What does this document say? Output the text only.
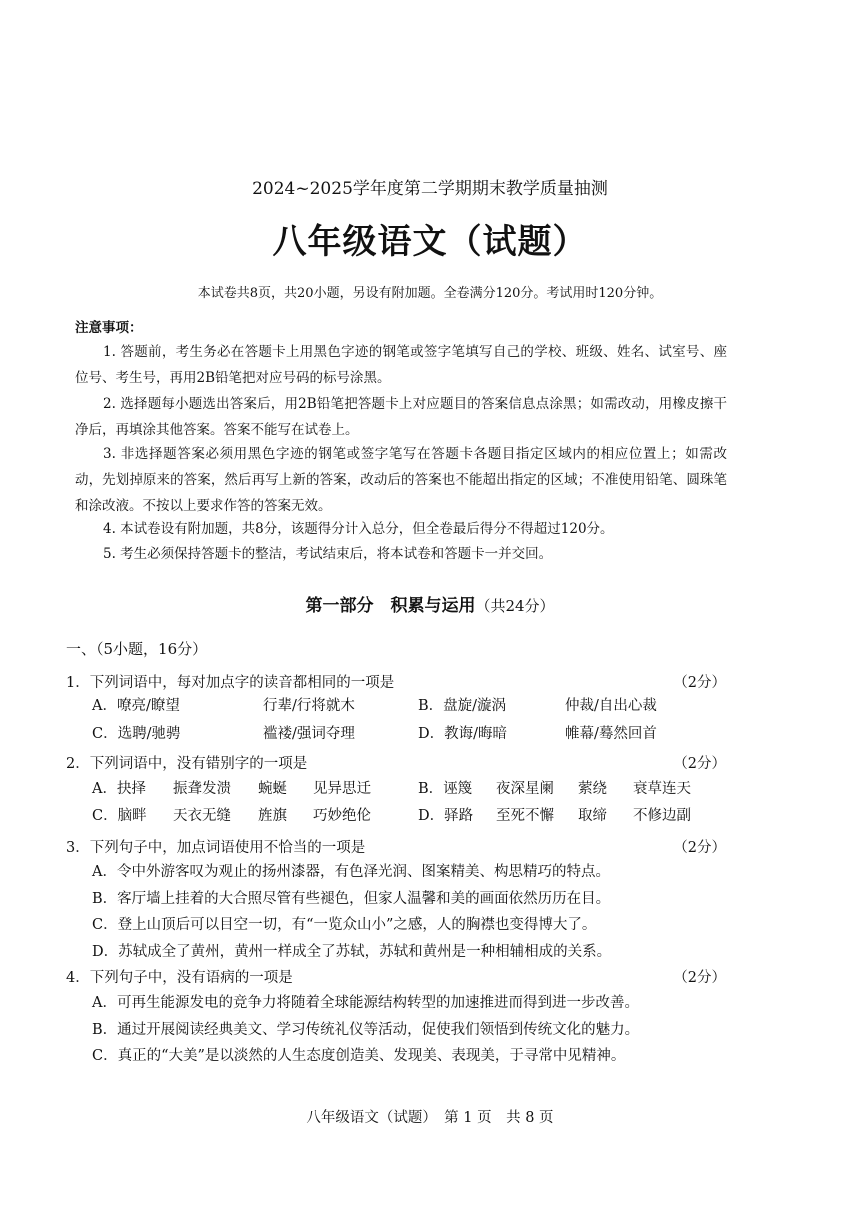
2024~2025学年度第二学期期末教学质量抽测
八年级语文（试题）
本试卷共8页，共20小题，另设有附加题。全卷满分120分。考试用时120分钟。
注意事项：
1. 答题前，考生务必在答题卡上用黑色字迹的钢笔或签字笔填写自己的学校、班级、姓名、试室号、座位号、考生号，再用2B铅笔把对应号码的标号涂黑。
2. 选择题每小题选出答案后，用2B铅笔把答题卡上对应题目的答案信息点涂黑；如需改动，用橡皮擦干净后，再填涂其他答案。答案不能写在试卷上。
3. 非选择题答案必须用黑色字迹的钢笔或签字笔写在答题卡各题目指定区域内的相应位置上；如需改动，先划掉原来的答案，然后再写上新的答案，改动后的答案也不能超出指定的区域；不准使用铅笔、圆珠笔和涂改液。不按以上要求作答的答案无效。
4. 本试卷设有附加题，共8分，该题得分计入总分，但全卷最后得分不得超过120分。
5. 考生必须保持答题卡的整洁，考试结束后，将本试卷和答题卡一并交回。
第一部分　积累与运用（共24分）
一、（5小题，16分）
1．下列词语中，每对加点字的读音都相同的一项是	（2分）
A．嘹亮/瞭望	行辈/行将就木	B．盘旋/漩涡	仲裁/自出心裁
C．选聘/驰骋	褴褛/强词夺理	D．教诲/晦暗	帷幕/蓦然回首
2．下列词语中，没有错别字的一项是	（2分）
A．抉择 振聋发溃 蜿蜒 见异思迁	B．诬篾 夜深星阑 萦绕 衰草连天
C．脑畔 天衣无缝 旌旗 巧妙绝伦	D．驿路 至死不懈 取缔 不修边副
3．下列句子中，加点词语使用不恰当的一项是	（2分）
A．令中外游客叹为观止的扬州漆器，有色泽光润、图案精美、构思精巧的特点。
B．客厅墙上挂着的大合照尽管有些褪色，但家人温馨和美的画面依然历历在目。
C．登上山顶后可以目空一切，有“一览众山小”之感，人的胸襟也变得博大了。
D．苏轼成全了黄州，黄州一样成全了苏轼，苏轼和黄州是一种相辅相成的关系。
4．下列句子中，没有语病的一项是	（2分）
A．可再生能源发电的竞争力将随着全球能源结构转型的加速推进而得到进一步改善。
B．通过开展阅读经典美文、学习传统礼仪等活动，促使我们领悟到传统文化的魅力。
C．真正的“大美”是以淡然的人生态度创造美、发现美、表现美，于寻常中见精神。
八年级语文（试题）　第 1 页　共 8 页
